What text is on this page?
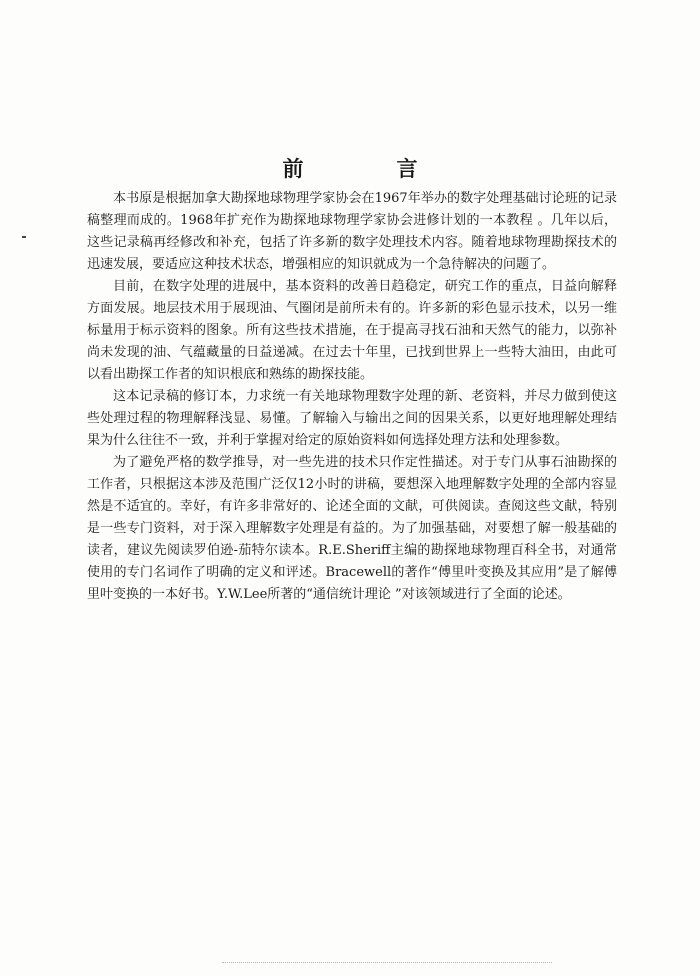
前　言

本书原是根据加拿大勘探地球物理学家协会在1967年举办的数字处理基础讨论班的记录稿整理而成的。1968年扩充作为勘探地球物理学家协会进修计划的一本教程 。几年以后，这些记录稿再经修改和补充，包括了许多新的数字处理技术内容。随着地球物理勘探技术的迅速发展，要适应这种技术状态，增强相应的知识就成为一个急待解决的问题了。

目前，在数字处理的进展中，基本资料的改善日趋稳定，研究工作的重点，日益向解释方面发展。地层技术用于展现油、气圈闭是前所未有的。许多新的彩色显示技术，以另一维标量用于标示资料的图象。所有这些技术措施，在于提高寻找石油和天然气的能力，以弥补尚未发现的油、气蕴藏量的日益递减。在过去十年里，已找到世界上一些特大油田，由此可以看出勘探工作者的知识根底和熟练的勘探技能。

这本记录稿的修订本，力求统一有关地球物理数字处理的新、老资料，并尽力做到使这些处理过程的物理解释浅显、易懂。了解输入与输出之间的因果关系，以更好地理解处理结果为什么往往不一致，并利于掌握对给定的原始资料如何选择处理方法和处理参数。

为了避免严格的数学推导，对一些先进的技术只作定性描述。对于专门从事石油勘探的工作者，只根据这本涉及范围广泛仅12小时的讲稿，要想深入地理解数字处理的全部内容显然是不适宜的。幸好，有许多非常好的、论述全面的文献，可供阅读。查阅这些文献，特别是一些专门资料，对于深入理解数字处理是有益的。为了加强基础，对要想了解一般基础的读者，建议先阅读罗伯逊-茄特尔读本。R.E.Sheriff主编的勘探地球物理百科全书，对通常使用的专门名词作了明确的定义和评述。Bracewell的著作“傅里叶变换及其应用”是了解傅里叶变换的一本好书。Y.W.Lee所著的“通信统计理论 ”对该领域进行了全面的论述。
